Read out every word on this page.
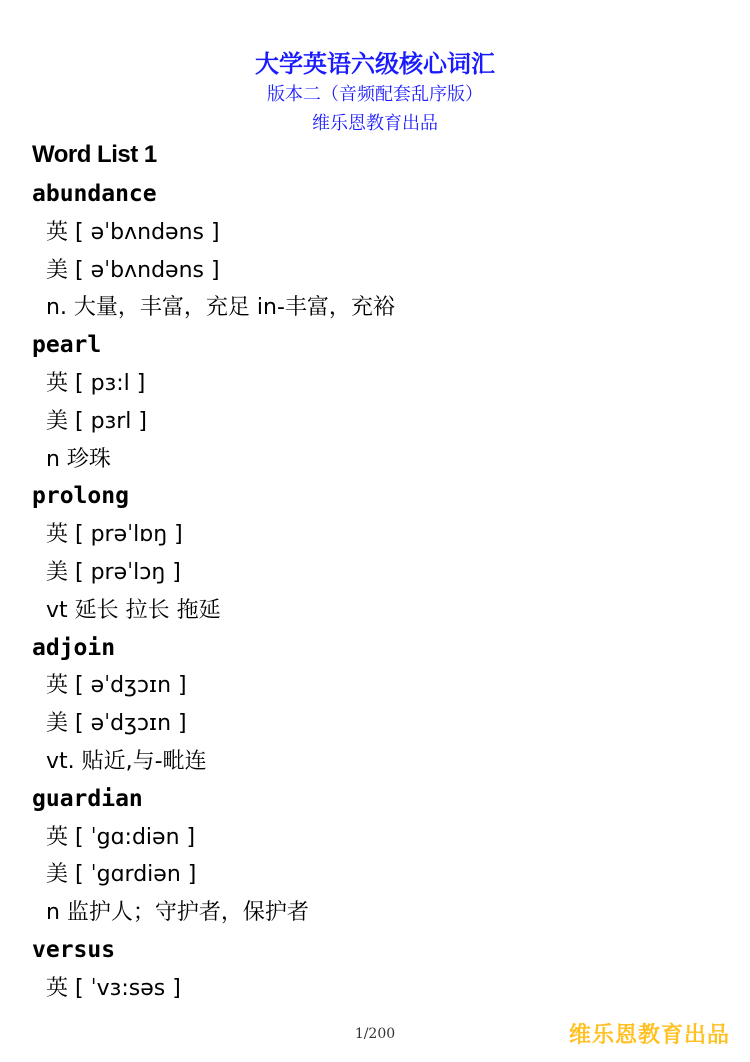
大学英语六级核心词汇
版本二（音频配套乱序版）
维乐恩教育出品
Word List 1
abundance
英 [ əˈbʌndəns ]
美 [ əˈbʌndəns ]
n. 大量，丰富，充足 in-丰富，充裕
pearl
英 [ pɜ:l ]
美 [ pɜrl ]
n 珍珠
prolong
英 [ prəˈlɒŋ ]
美 [ prəˈlɔŋ ]
vt 延长 拉长 拖延
adjoin
英 [ əˈdʒɔɪn ]
美 [ əˈdʒɔɪn ]
vt. 贴近,与-毗连
guardian
英 [ ˈgɑ:diən ]
美 [ ˈgɑrdiən ]
n 监护人；守护者，保护者
versus
英 [ ˈvɜ:səs ]
1/200	维乐恩教育出品
